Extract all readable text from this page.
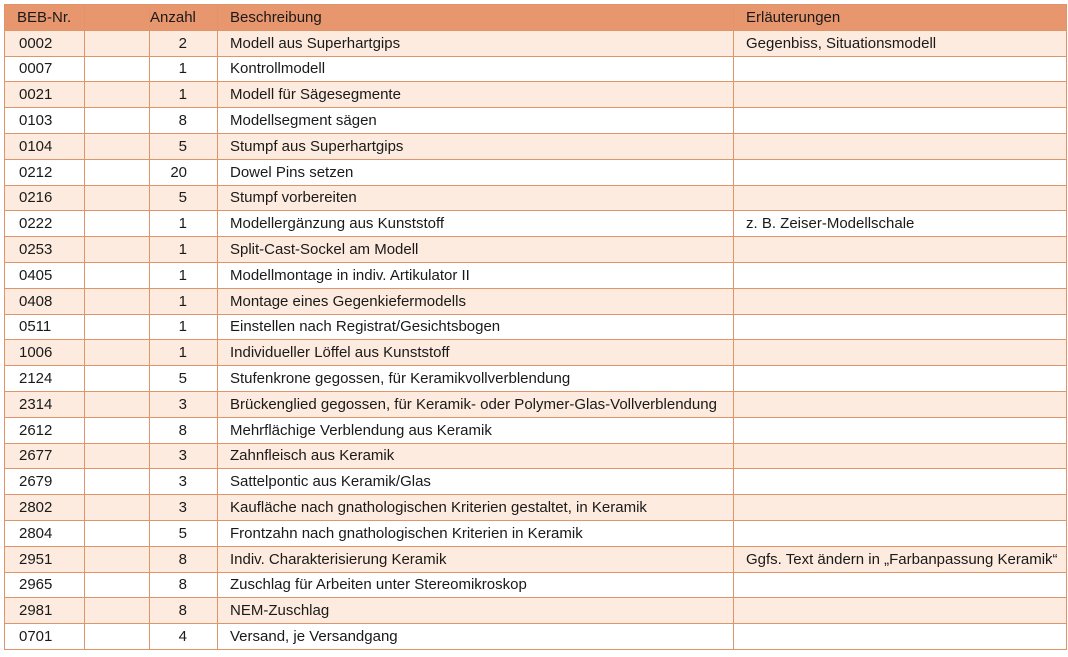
BEB-Nr.		Anzahl	Beschreibung	Erläuterungen
0002		2	Modell aus Superhartgips	Gegenbiss, Situationsmodell
0007		1	Kontrollmodell	
0021		1	Modell für Sägesegmente	
0103		8	Modellsegment sägen	
0104		5	Stumpf aus Superhartgips	
0212		20	Dowel Pins setzen	
0216		5	Stumpf vorbereiten	
0222		1	Modellergänzung aus Kunststoff	z. B. Zeiser-Modellschale
0253		1	Split-Cast-Sockel am Modell	
0405		1	Modellmontage in indiv. Artikulator II	
0408		1	Montage eines Gegenkiefermodells	
0511		1	Einstellen nach Registrat/Gesichtsbogen	
1006		1	Individueller Löffel aus Kunststoff	
2124		5	Stufenkrone gegossen, für Keramikvollverblendung	
2314		3	Brückenglied gegossen, für Keramik- oder Polymer-Glas-Vollverblendung	
2612		8	Mehrflächige Verblendung aus Keramik	
2677		3	Zahnfleisch aus Keramik	
2679		3	Sattelpontic aus Keramik/Glas	
2802		3	Kaufläche nach gnathologischen Kriterien gestaltet, in Keramik	
2804		5	Frontzahn nach gnathologischen Kriterien in Keramik	
2951		8	Indiv. Charakterisierung Keramik	Ggfs. Text ändern in „Farbanpassung Keramik“
2965		8	Zuschlag für Arbeiten unter Stereomikroskop	
2981		8	NEM-Zuschlag	
0701		4	Versand, je Versandgang	
